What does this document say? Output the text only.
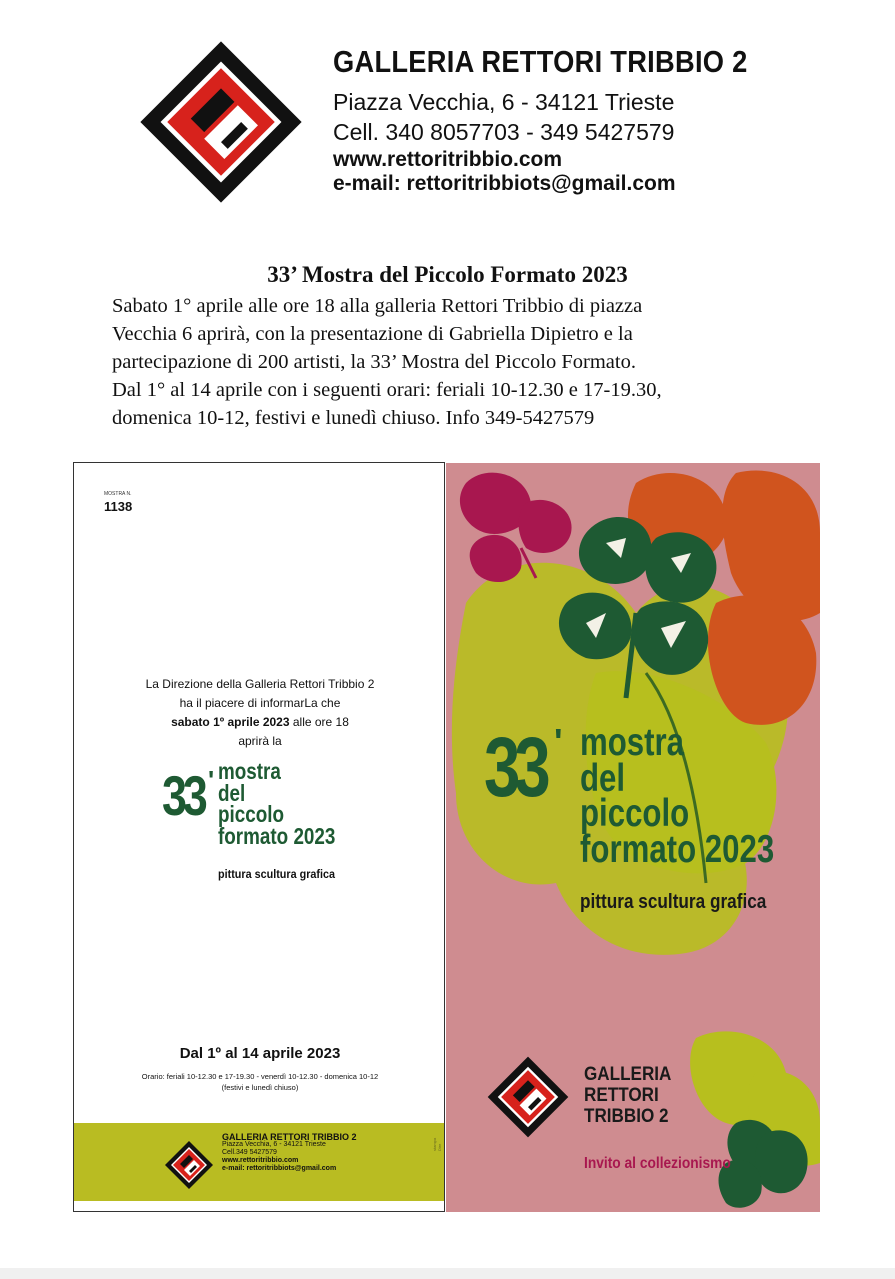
GALLERIA RETTORI TRIBBIO 2
Piazza Vecchia, 6 - 34121 Trieste
Cell. 340 8057703 - 349 5427579
www.rettoritribbio.com
e-mail: rettoritribbiots@gmail.com
33’ Mostra del Piccolo Formato 2023
Sabato 1° aprile alle ore 18 alla galleria Rettori Tribbio di piazza
Vecchia 6 aprirà, con la presentazione di Gabriella Dipietro e la
partecipazione di 200 artisti, la 33’ Mostra del Piccolo Formato.
Dal 1° al 14 aprile con i seguenti orari: feriali 10-12.30 e 17-19.30,
domenica 10-12, festivi e lunedì chiuso. Info 349-5427579
MOSTRA N.
1138
La Direzione della Galleria Rettori Tribbio 2
ha il piacere di informarLa che
sabato 1º aprile 2023 alle ore 18
aprirà la
33 ' mostra
del
piccolo
formato 2023
pittura scultura grafica
Dal 1º al 14 aprile 2023
Orario: feriali 10-12.30 e 17-19.30 - venerdì 10-12.30 - domenica 10-12
(festivi e lunedì chiuso)
GALLERIA RETTORI TRIBBIO 2
Piazza Vecchia, 6 - 34121 Trieste
Cell.349 5427579
www.rettoritribbio.com
e-mail: rettoritribbiots@gmail.com
stampa Dire
33 ' mostra
del
piccolo
formato 2023
pittura scultura grafica
GALLERIA
RETTORI
TRIBBIO 2
Invito al collezionismo
